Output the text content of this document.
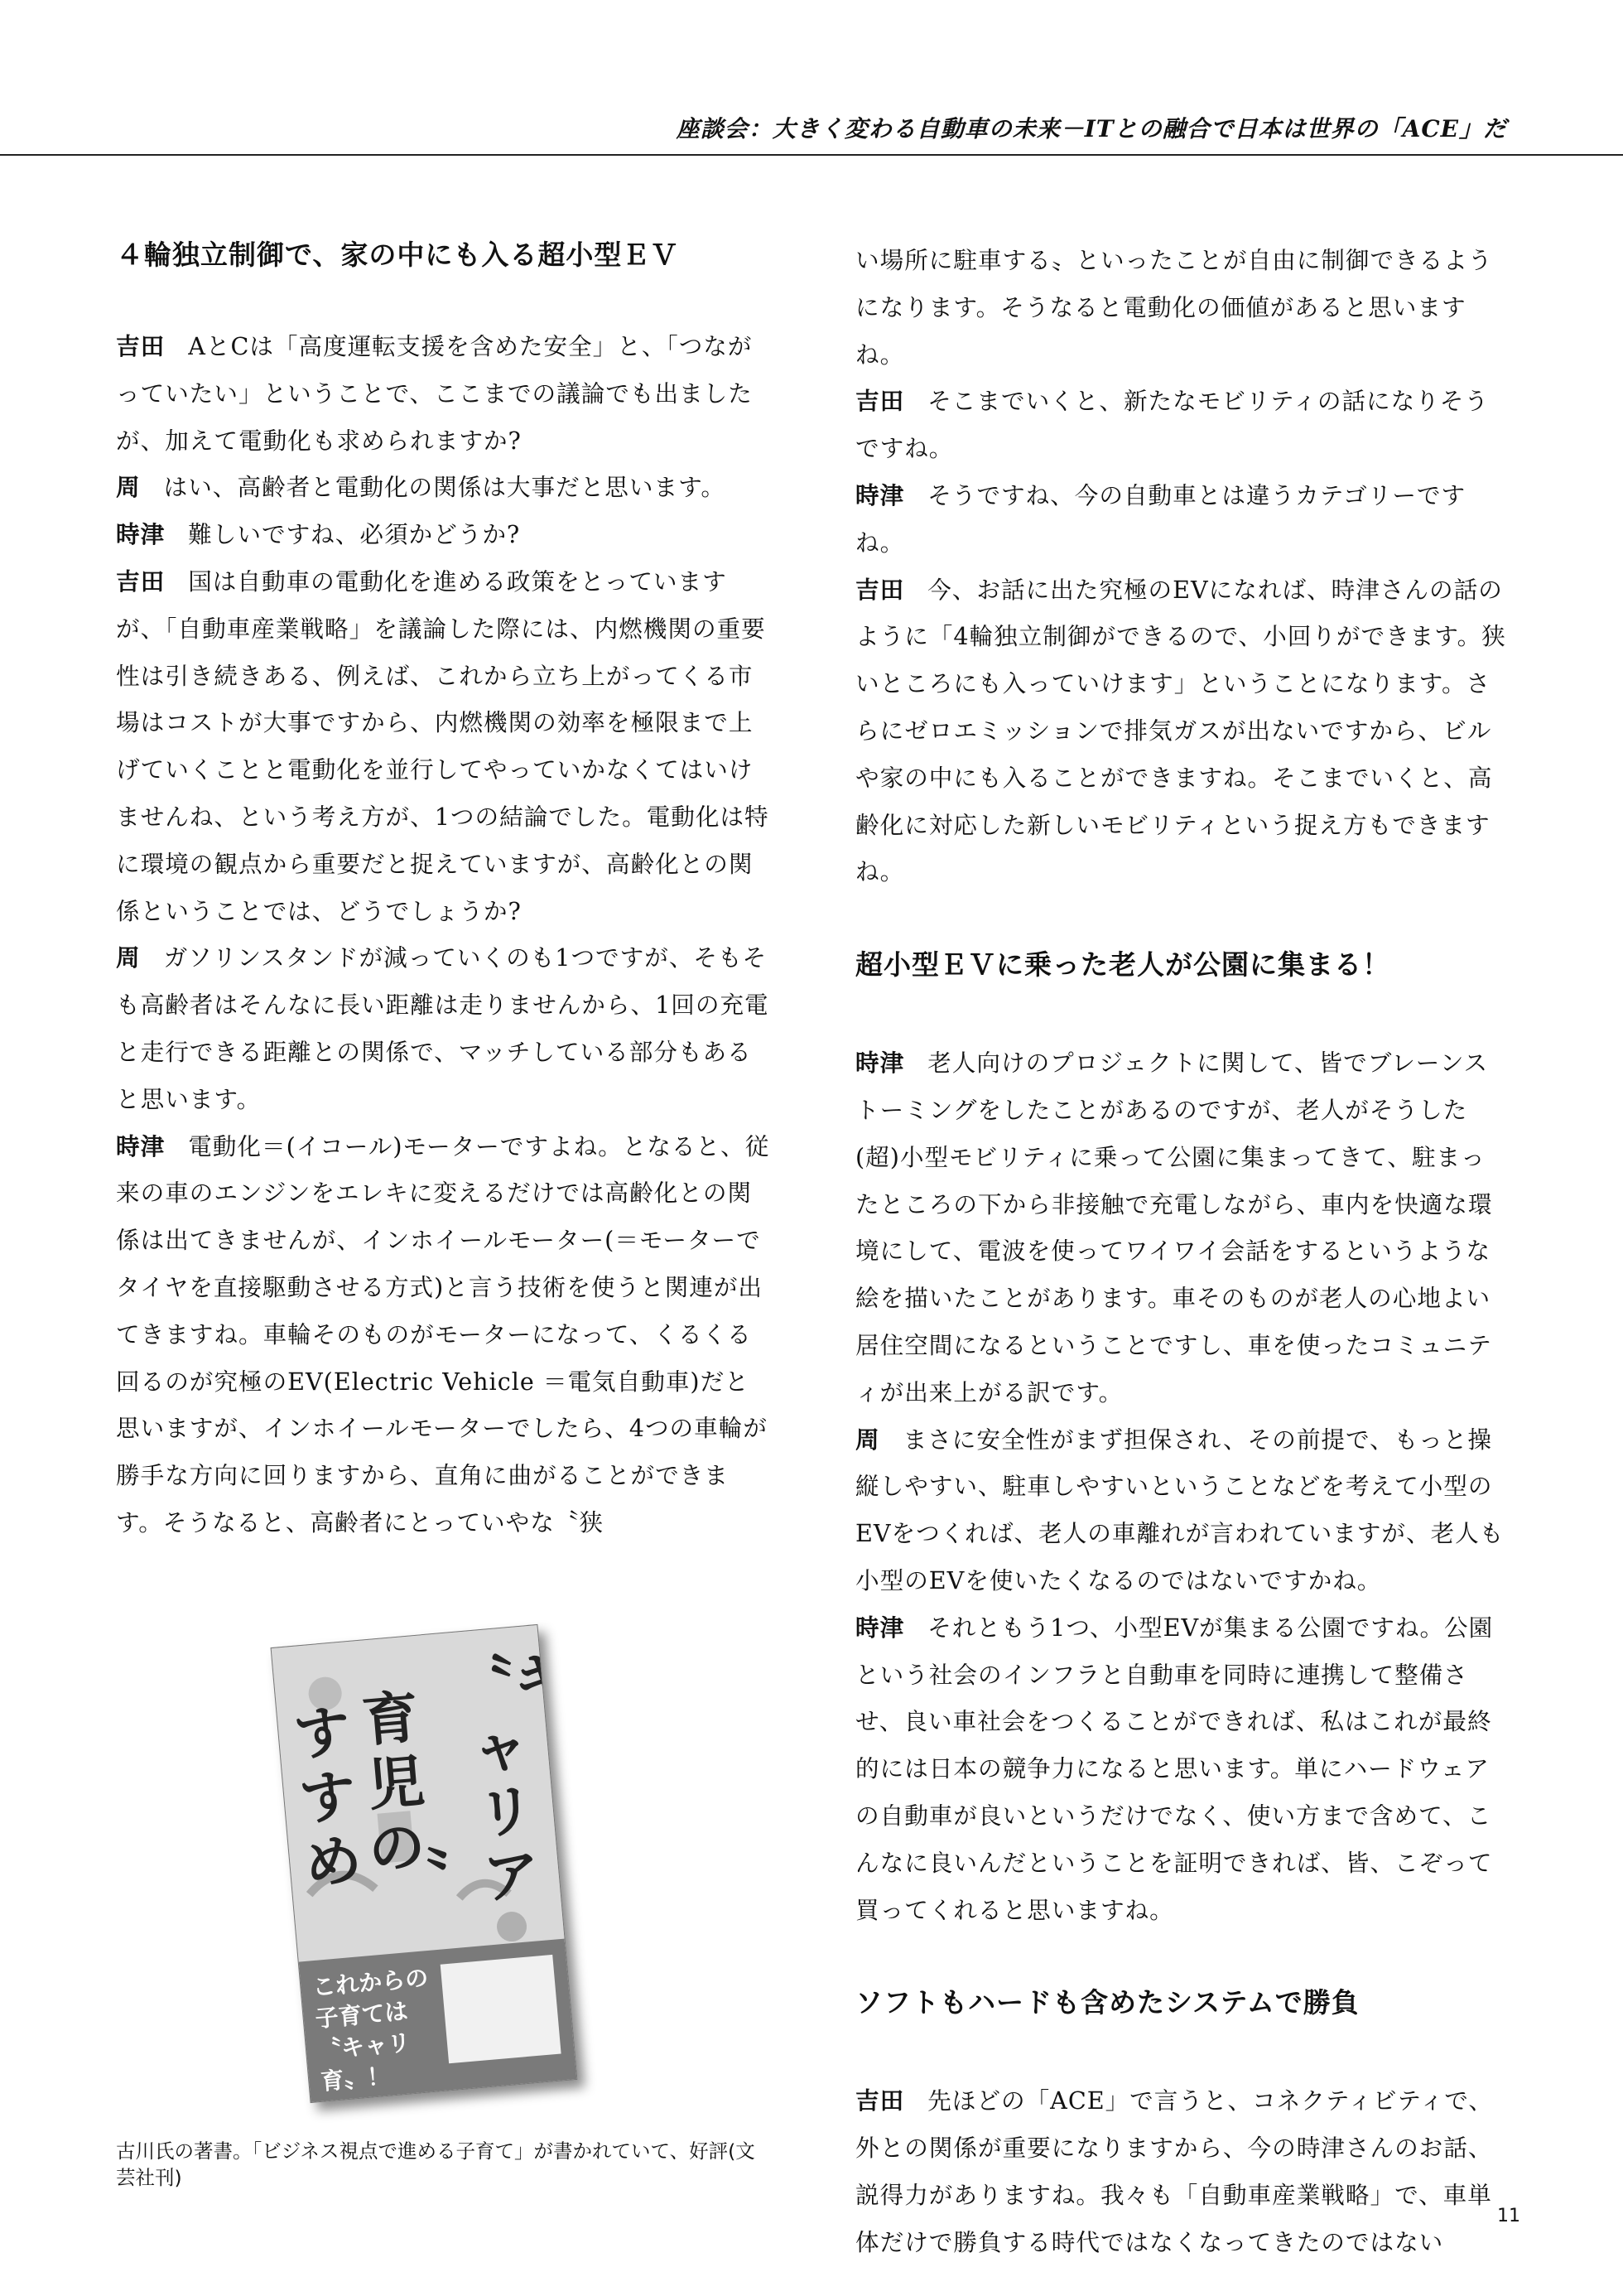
座談会：大きく変わる自動車の未来－ITとの融合で日本は世界の「ACE」だ
４輪独立制御で、家の中にも入る超小型ＥＶ

吉田 AとCは「高度運転支援を含めた安全」と、「つながっていたい」ということで、ここまでの議論でも出ましたが、加えて電動化も求められますか?

周 はい、高齢者と電動化の関係は大事だと思います。

時津 難しいですね、必須かどうか?

吉田 国は自動車の電動化を進める政策をとっていますが、「自動車産業戦略」を議論した際には、内燃機関の重要性は引き続きある、例えば、これから立ち上がってくる市場はコストが大事ですから、内燃機関の効率を極限まで上げていくことと電動化を並行してやっていかなくてはいけませんね、という考え方が、1つの結論でした。電動化は特に環境の観点から重要だと捉えていますが、高齢化との関係ということでは、どうでしょうか?

周 ガソリンスタンドが減っていくのも1つですが、そもそも高齢者はそんなに長い距離は走りませんから、1回の充電と走行できる距離との関係で、マッチしている部分もあると思います。

時津 電動化＝(イコール)モーターですよね。となると、従来の車のエンジンをエレキに変えるだけでは高齢化との関係は出てきませんが、インホイールモーター(＝モーターでタイヤを直接駆動させる方式)と言う技術を使うと関連が出てきますね。車輪そのものがモーターになって、くるくる回るのが究極のEV(Electric Vehicle ＝電気自動車)だと思いますが、インホイールモーターでしたら、4つの車輪が勝手な方向に回りますから、直角に曲がることができます。そうなると、高齢者にとっていやな〝狭

い場所に駐車する〟といったことが自由に制御できるようになります。そうなると電動化の価値があると思いますね。

吉田 そこまでいくと、新たなモビリティの話になりそうですね。

時津 そうですね、今の自動車とは違うカテゴリーですね。

吉田 今、お話に出た究極のEVになれば、時津さんの話のように「4輪独立制御ができるので、小回りができます。狭いところにも入っていけます」ということになります。さらにゼロエミッションで排気ガスが出ないですから、ビルや家の中にも入ることができますね。そこまでいくと、高齢化に対応した新しいモビリティという捉え方もできますね。

超小型ＥＶに乗った老人が公園に集まる！

時津 老人向けのプロジェクトに関して、皆でブレーンストーミングをしたことがあるのですが、老人がそうした(超)小型モビリティに乗って公園に集まってきて、駐まったところの下から非接触で充電しながら、車内を快適な環境にして、電波を使ってワイワイ会話をするというような絵を描いたことがあります。車そのものが老人の心地よい居住空間になるということですし、車を使ったコミュニティが出来上がる訳です。

周 まさに安全性がまず担保され、その前提で、もっと操縦しやすい、駐車しやすいということなどを考えて小型のEVをつくれば、老人の車離れが言われていますが、老人も小型のEVを使いたくなるのではないですかね。

時津 それともう1つ、小型EVが集まる公園ですね。公園という社会のインフラと自動車を同時に連携して整備させ、良い車社会をつくることができれば、私はこれが最終的には日本の競争力になると思います。単にハードウェアの自動車が良いというだけでなく、使い方まで含めて、こんなに良いんだということを証明できれば、皆、こぞって買ってくれると思いますね。

ソフトもハードも含めたシステムで勝負

吉田 先ほどの「ACE」で言うと、コネクティビティで、外との関係が重要になりますから、今の時津さんのお話、説得力がありますね。我々も「自動車産業戦略」で、車単体だけで勝負する時代ではなくなってきたのではない

〝キャリア
育児の〟
すすめ
これからの子育ては〝キャリ育〟！
古川氏の著書。「ビジネス視点で進める子育て」が書かれていて、好評(文芸社刊)
11
